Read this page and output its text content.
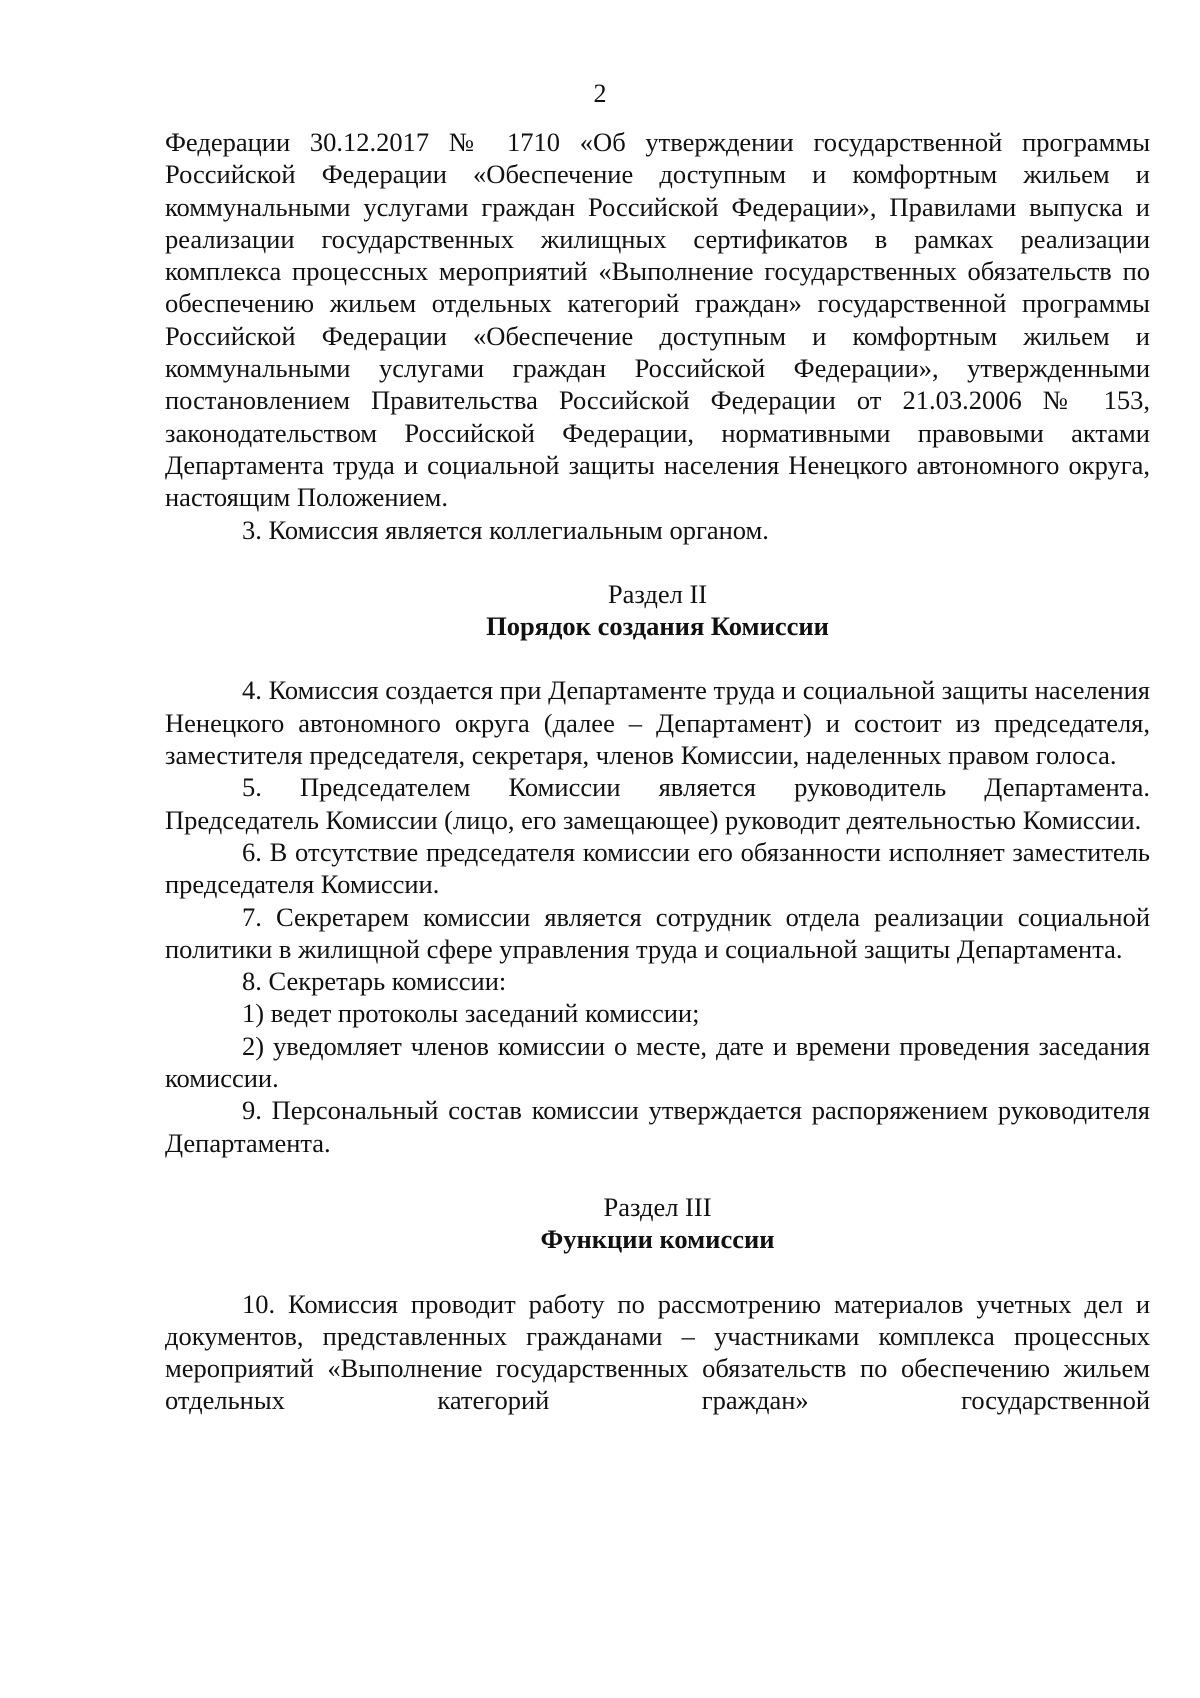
2

Федерации 30.12.2017 № 1710 «Об утверждении государственной программы Российской Федерации «Обеспечение доступным и комфортным жильем и коммунальными услугами граждан Российской Федерации», Правилами выпуска и реализации государственных жилищных сертификатов в рамках реализации комплекса процессных мероприятий «Выполнение государственных обязательств по обеспечению жильем отдельных категорий граждан» государственной программы Российской Федерации «Обеспечение доступным и комфортным жильем и коммунальными услугами граждан Российской Федерации», утвержденными постановлением Правительства Российской Федерации от 21.03.2006 № 153, законодательством Российской Федерации, нормативными правовыми актами Департамента труда и социальной защиты населения Ненецкого автономного округа, настоящим Положением.

3. Комиссия является коллегиальным органом.

Раздел II

Порядок создания Комиссии

4. Комиссия создается при Департаменте труда и социальной защиты населения Ненецкого автономного округа (далее – Департамент) и состоит из председателя, заместителя председателя, секретаря, членов Комиссии, наделенных правом голоса.

5. Председателем Комиссии является руководитель Департамента. Председатель Комиссии (лицо, его замещающее) руководит деятельностью Комиссии.

6. В отсутствие председателя комиссии его обязанности исполняет заместитель председателя Комиссии.

7. Секретарем комиссии является сотрудник отдела реализации социальной политики в жилищной сфере управления труда и социальной защиты Департамента.

8. Секретарь комиссии:

1) ведет протоколы заседаний комиссии;

2) уведомляет членов комиссии о месте, дате и времени проведения заседания комиссии.

9. Персональный состав комиссии утверждается распоряжением руководителя Департамента.

Раздел III

Функции комиссии

10. Комиссия проводит работу по рассмотрению материалов учетных дел и документов, представленных гражданами – участниками комплекса процессных мероприятий «Выполнение государственных обязательств по обеспечению жильем отдельных категорий граждан» государственной
